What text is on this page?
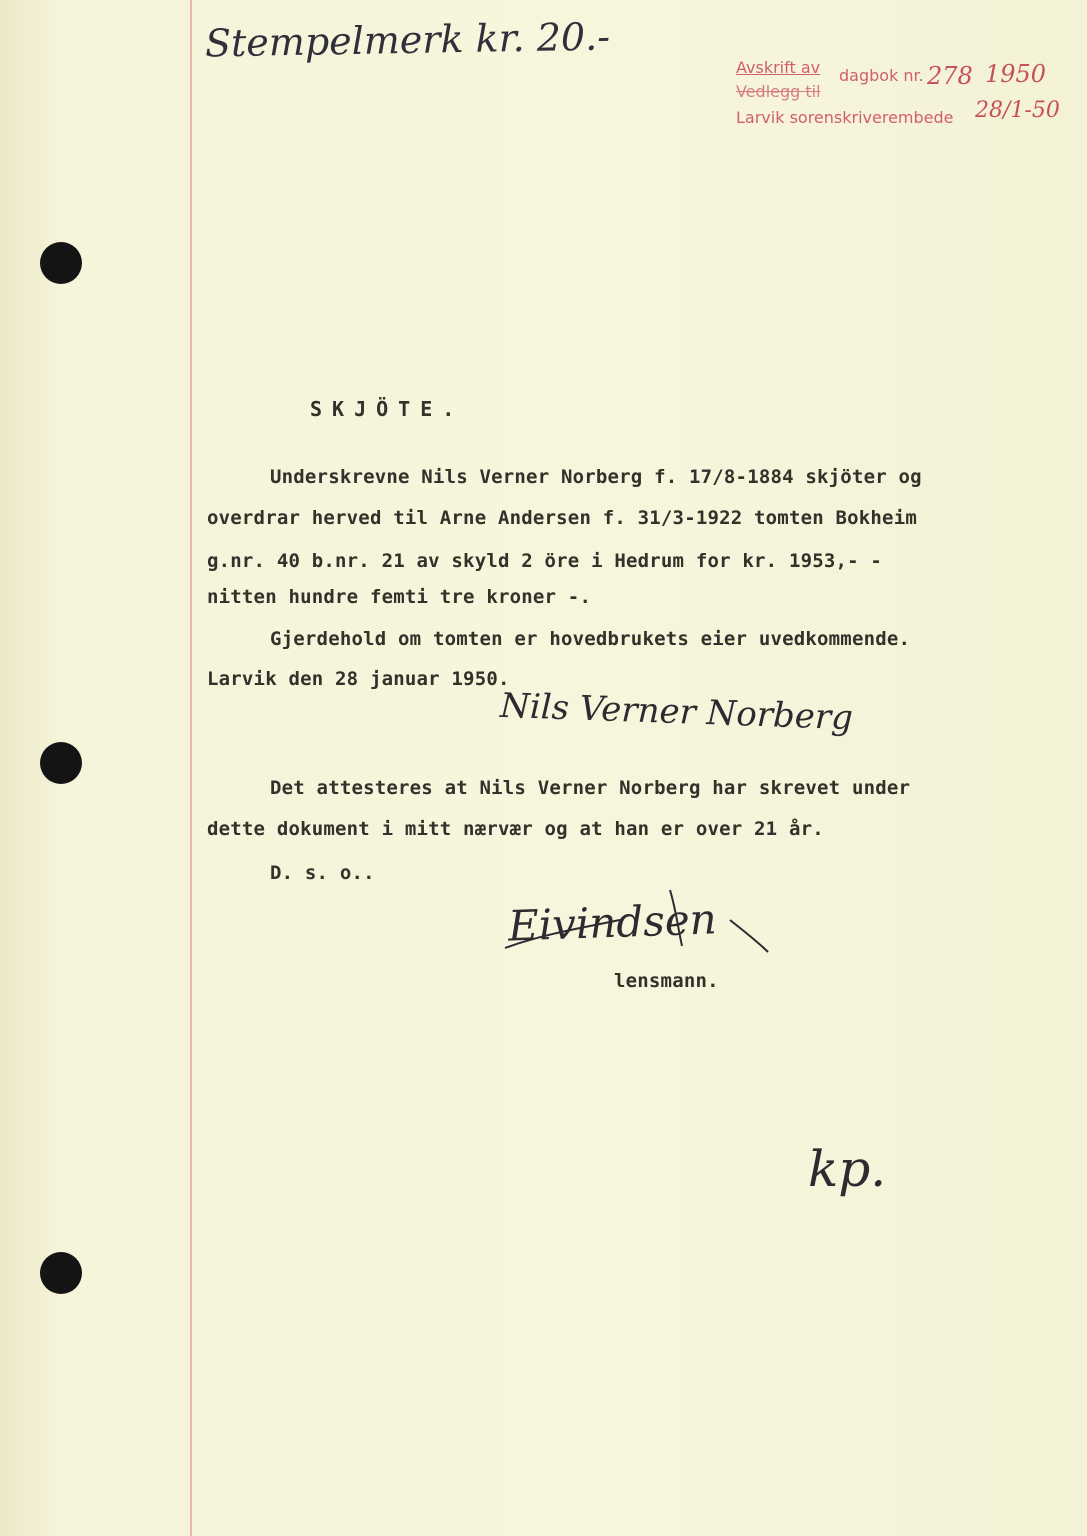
Stempelmerk kr. 20.-
Avskrift av dagbok nr. 278 1950
Vedlegg til
Larvik sorenskriverembede 28/1-50
SKJÖTE.
Underskrevne Nils Verner Norberg f. 17/8-1884 skjöter og
overdrar herved til Arne Andersen f. 31/3-1922 tomten Bokheim
g.nr. 40 b.nr. 21 av skyld 2 öre i Hedrum for kr. 1953,- -
nitten hundre femti tre kroner -.
Gjerdehold om tomten er hovedbrukets eier uvedkommende.
Larvik den 28 januar 1950.
Nils Verner Norberg
Det attesteres at Nils Verner Norberg har skrevet under
dette dokument i mitt nærvær og at han er over 21 år.
D. s. o..
Eivindsen
lensmann.
kp.
